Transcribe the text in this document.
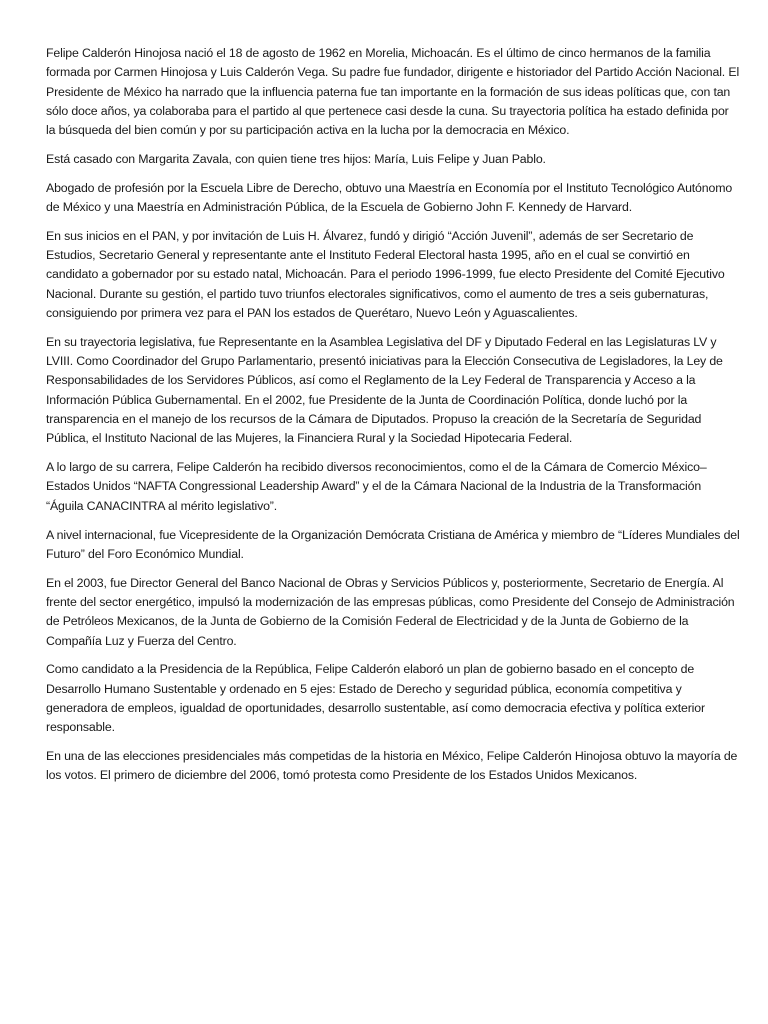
Felipe Calderón Hinojosa nació el 18 de agosto de 1962 en Morelia, Michoacán. Es el último de cinco hermanos de la familia formada por Carmen Hinojosa y Luis Calderón Vega. Su padre fue fundador, dirigente e historiador del Partido Acción Nacional. El Presidente de México ha narrado que la influencia paterna fue tan importante en la formación de sus ideas políticas que, con tan sólo doce años, ya colaboraba para el partido al que pertenece casi desde la cuna. Su trayectoria política ha estado definida por la búsqueda del bien común y por su participación activa en la lucha por la democracia en México.

Está casado con Margarita Zavala, con quien tiene tres hijos: María, Luis Felipe y Juan Pablo.

Abogado de profesión por la Escuela Libre de Derecho, obtuvo una Maestría en Economía por el Instituto Tecnológico Autónomo de México y una Maestría en Administración Pública, de la Escuela de Gobierno John F. Kennedy de Harvard.

En sus inicios en el PAN, y por invitación de Luis H. Álvarez, fundó y dirigió “Acción Juvenil”, además de ser Secretario de Estudios, Secretario General y representante ante el Instituto Federal Electoral hasta 1995, año en el cual se convirtió en candidato a gobernador por su estado natal, Michoacán. Para el periodo 1996-1999, fue electo Presidente del Comité Ejecutivo Nacional. Durante su gestión, el partido tuvo triunfos electorales significativos, como el aumento de tres a seis gubernaturas, consiguiendo por primera vez para el PAN los estados de Querétaro, Nuevo León y Aguascalientes.

En su trayectoria legislativa, fue Representante en la Asamblea Legislativa del DF y Diputado Federal en las Legislaturas LV y LVIII. Como Coordinador del Grupo Parlamentario, presentó iniciativas para la Elección Consecutiva de Legisladores, la Ley de Responsabilidades de los Servidores Públicos, así como el Reglamento de la Ley Federal de Transparencia y Acceso a la Información Pública Gubernamental. En el 2002, fue Presidente de la Junta de Coordinación Política, donde luchó por la transparencia en el manejo de los recursos de la Cámara de Diputados. Propuso la creación de la Secretaría de Seguridad Pública, el Instituto Nacional de las Mujeres, la Financiera Rural y la Sociedad Hipotecaria Federal.

A lo largo de su carrera, Felipe Calderón ha recibido diversos reconocimientos, como el de la Cámara de Comercio México–Estados Unidos “NAFTA Congressional Leadership Award” y el de la Cámara Nacional de la Industria de la Transformación “Águila CANACINTRA al mérito legislativo”.

A nivel internacional, fue Vicepresidente de la Organización Demócrata Cristiana de América y miembro de “Líderes Mundiales del Futuro” del Foro Económico Mundial.

En el 2003, fue Director General del Banco Nacional de Obras y Servicios Públicos y, posteriormente, Secretario de Energía. Al frente del sector energético, impulsó la modernización de las empresas públicas, como Presidente del Consejo de Administración de Petróleos Mexicanos, de la Junta de Gobierno de la Comisión Federal de Electricidad y de la Junta de Gobierno de la Compañía Luz y Fuerza del Centro.

Como candidato a la Presidencia de la República, Felipe Calderón elaboró un plan de gobierno basado en el concepto de Desarrollo Humano Sustentable y ordenado en 5 ejes: Estado de Derecho y seguridad pública, economía competitiva y generadora de empleos, igualdad de oportunidades, desarrollo sustentable, así como democracia efectiva y política exterior responsable.

En una de las elecciones presidenciales más competidas de la historia en México, Felipe Calderón Hinojosa obtuvo la mayoría de los votos. El primero de diciembre del 2006, tomó protesta como Presidente de los Estados Unidos Mexicanos.
